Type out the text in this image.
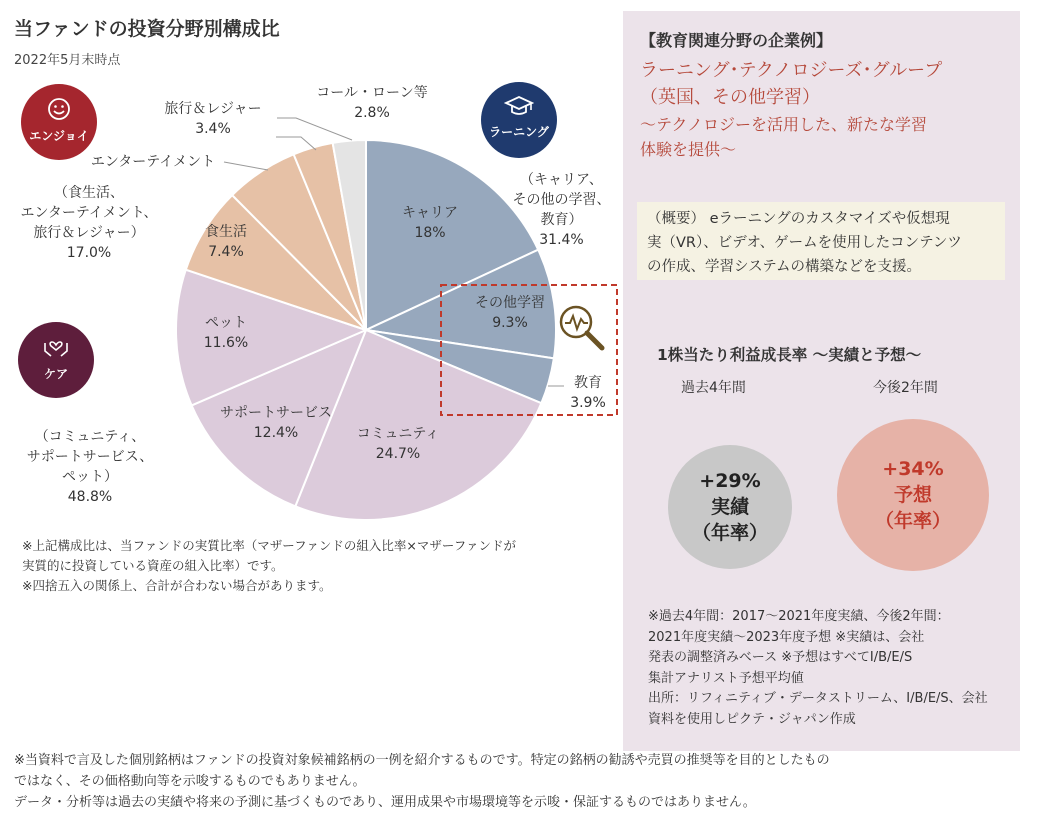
当ファンドの投資分野別構成比
2022年5月末時点
キャリア
18%
その他学習
9.3%
教育
3.9%
コミュニティ
24.7%
サポートサービス
12.4%
ペット
11.6%
食生活
7.4%
エンターテイメント
旅行＆レジャー
3.4%
コール・ローン等
2.8%
エンジョイ	ラーニング
ケア
（食生活、
エンターテイメント、
旅行＆レジャー）
17.0%
（キャリア、
その他の学習、
教育）
31.4%
（コミュニティ、
サポートサービス、
ペット）
48.8%
※上記構成比は、当ファンドの実質比率（マザーファンドの組入比率×マザーファンドが
実質的に投資している資産の組入比率）です。
※四捨五入の関係上、合計が合わない場合があります。
【教育関連分野の企業例】
ラーニング･テクノロジーズ･グループ
（英国、その他学習）
～テクノロジーを活用した、新たな学習
体験を提供～
（概要） eラーニングのカスタマイズや仮想現
実（VR）、ビデオ、ゲームを使用したコンテンツ
の作成、学習システムの構築などを支援。
1株当たり利益成長率 ～実績と予想～
過去4年間	今後2年間
+29%
実績
（年率）
+34%
予想
（年率）
※過去4年間：2017～2021年度実績、今後2年間：
2021年度実績～2023年度予想 ※実績は、会社
発表の調整済みベース ※予想はすべてI/B/E/S
集計アナリスト予想平均値
出所：リフィニティブ・データストリーム、I/B/E/S、会社
資料を使用しピクテ・ジャパン作成
※当資料で言及した個別銘柄はファンドの投資対象候補銘柄の一例を紹介するものです。特定の銘柄の勧誘や売買の推奨等を目的としたもの
ではなく、その価格動向等を示唆するものでもありません。
データ・分析等は過去の実績や将来の予測に基づくものであり、運用成果や市場環境等を示唆・保証するものではありません。
